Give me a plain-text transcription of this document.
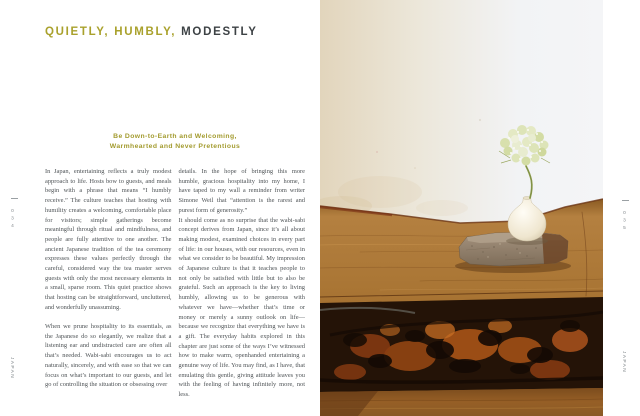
QUIETLY, HUMBLY, MODESTLY
Be Down-to-Earth and Welcoming,
Warmhearted and Never Pretentious

In Japan, entertaining reflects a truly modest approach to life. Hosts bow to guests, and meals begin with a phrase that means “I humbly receive.” The culture teaches that hosting with humility creates a welcoming, comfortable place for visitors; simple gatherings become meaningful through ritual and mindfulness, and people are fully attentive to one another. The ancient Japanese tradition of the tea ceremony expresses these values perfectly through the careful, considered way the tea master serves guests with only the most necessary elements in a small, sparse room. This quiet practice shows that hosting can be straightforward, uncluttered, and wonderfully unassuming.

When we prune hospitality to its essentials, as the Japanese do so elegantly, we realize that a listening ear and undistracted care are often all that’s needed. Wabi-sabi encourages us to act naturally, sincerely, and with ease so that we can focus on what’s important to our guests, and let go of controlling the situation or obsessing over

details. In the hope of bringing this more humble, gracious hospitality into my home, I have taped to my wall a reminder from writer Simone Weil that “attention is the rarest and purest form of generosity.”

It should come as no surprise that the wabi-sabi concept derives from Japan, since it’s all about making modest, examined choices in every part of life: in our houses, with our resources, even in what we consider to be beautiful. My impression of Japanese culture is that it teaches people to not only be satisfied with little but to also be grateful. Such an approach is the key to living humbly, allowing us to be generous with whatever we have—whether that’s time or money or merely a sunny outlook on life—because we recognize that everything we have is a gift. The everyday habits explored in this chapter are just some of the ways I’ve witnessed how to make warm, openhanded entertaining a genuine way of life. You may find, as I have, that emulating this gentle, giving attitude leaves you with the feeling of having infinitely more, not less.

034
JAPAN
035
JAPAN
